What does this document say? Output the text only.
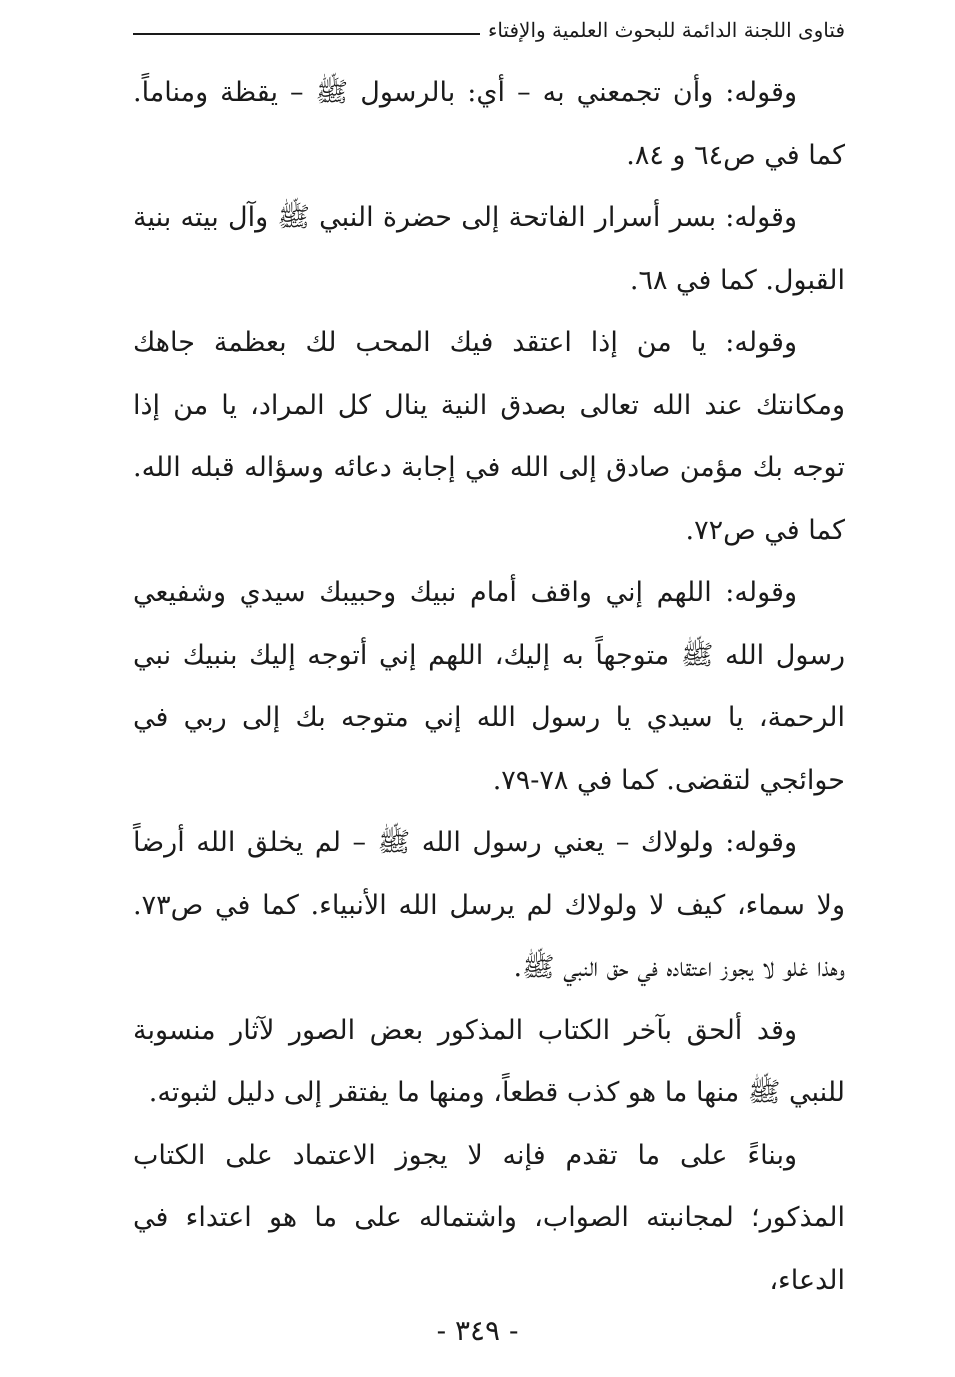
فتاوى اللجنة الدائمة للبحوث العلمية والإفتاء

وقوله: وأن تجمعني به – أي: بالرسول ﷺ – يقظة ومناماً. كما في ص٦٤ و ٨٤.

وقوله: بسر أسرار الفاتحة إلى حضرة النبي ﷺ وآل بيته بنية القبول. كما في ٦٨.

وقوله: يا من إذا اعتقد فيك المحب لك بعظمة جاهك ومكانتك عند الله تعالى بصدق النية ينال كل المراد، يا من إذا توجه بك مؤمن صادق إلى الله في إجابة دعائه وسؤاله قبله الله. كما في ص٧٢.

وقوله: اللهم إني واقف أمام نبيك وحبيبك سيدي وشفيعي رسول الله ﷺ متوجهاً به إليك، اللهم إني أتوجه إليك بنبيك نبي الرحمة، يا سيدي يا رسول الله إني متوجه بك إلى ربي في حوائجي لتقضى. كما في ٧٨-٧٩.

وقوله: ولولاك – يعني رسول الله ﷺ – لم يخلق الله أرضاً ولا سماء، كيف لا ولولاك لم يرسل الله الأنبياء. كما في ص٧٣. وهذا غلو لا يجوز اعتقاده في حق النبي ﷺ.

وقد ألحق بآخر الكتاب المذكور بعض الصور لآثار منسوبة للنبي ﷺ منها ما هو كذب قطعاً، ومنها ما يفتقر إلى دليل لثبوته.

وبناءً على ما تقدم فإنه لا يجوز الاعتماد على الكتاب المذكور؛ لمجانبته الصواب، واشتماله على ما هو اعتداء في الدعاء،

- ٣٤٩ -
